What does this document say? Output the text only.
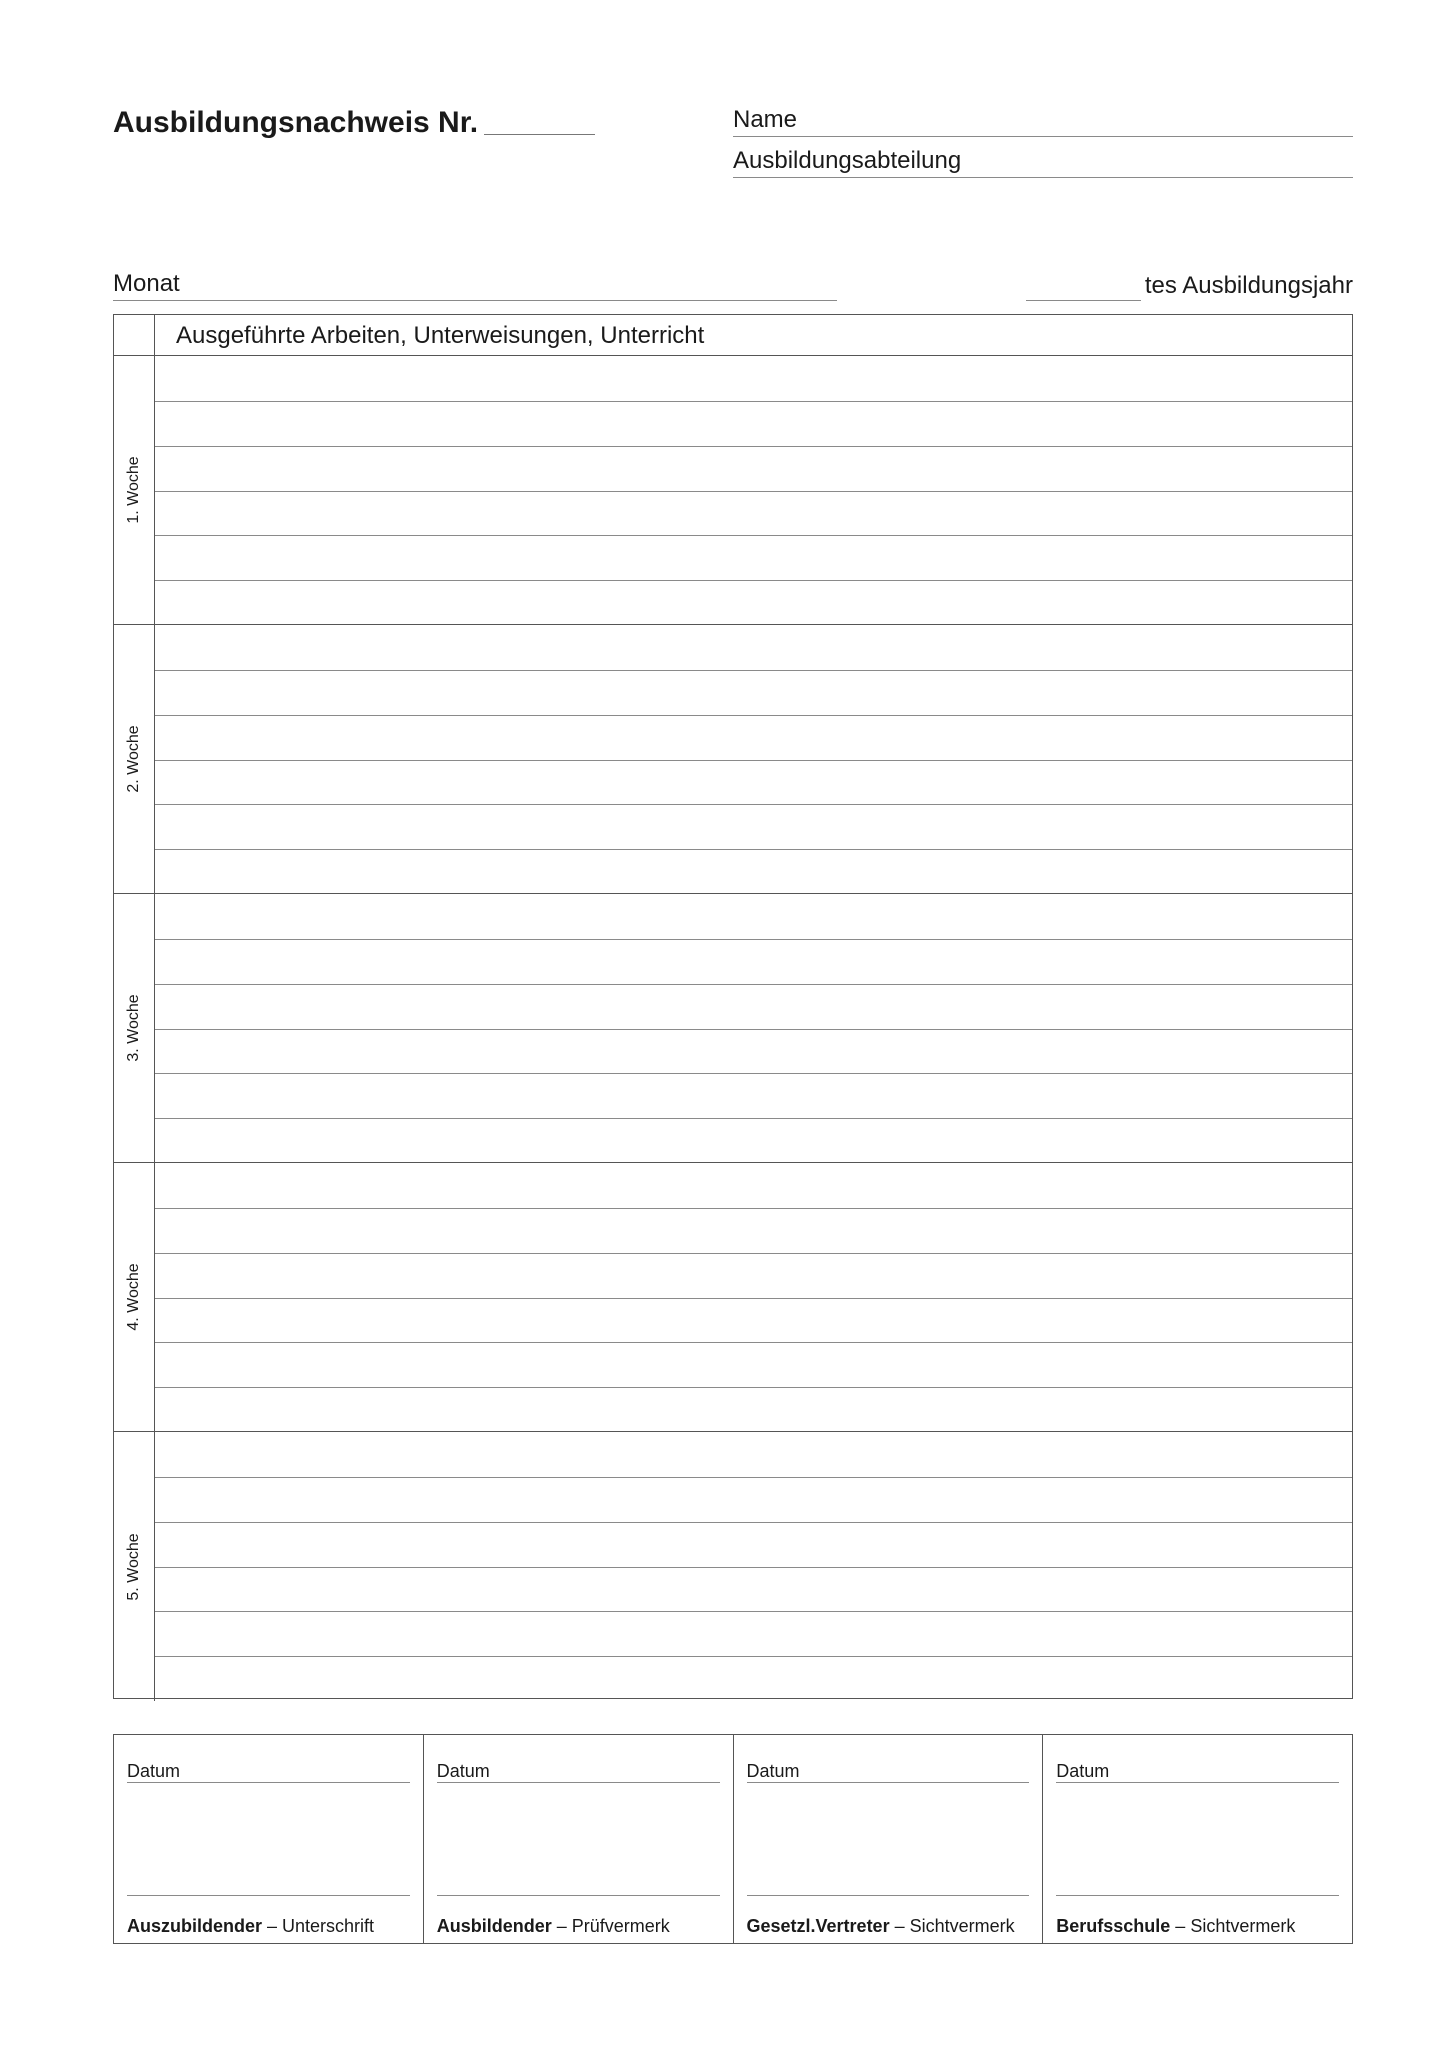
Ausbildungsnachweis Nr.	Name
Ausbildungsabteilung
Monat	tes Ausbildungsjahr
Ausgeführte Arbeiten, Unterweisungen, Unterricht
1. Woche
2. Woche
3. Woche
4. Woche
5. Woche
Datum
Auszubildender – Unterschrift
Datum
Ausbildender – Prüfvermerk
Datum
Gesetzl.Vertreter – Sichtvermerk
Datum
Berufsschule – Sichtvermerk
